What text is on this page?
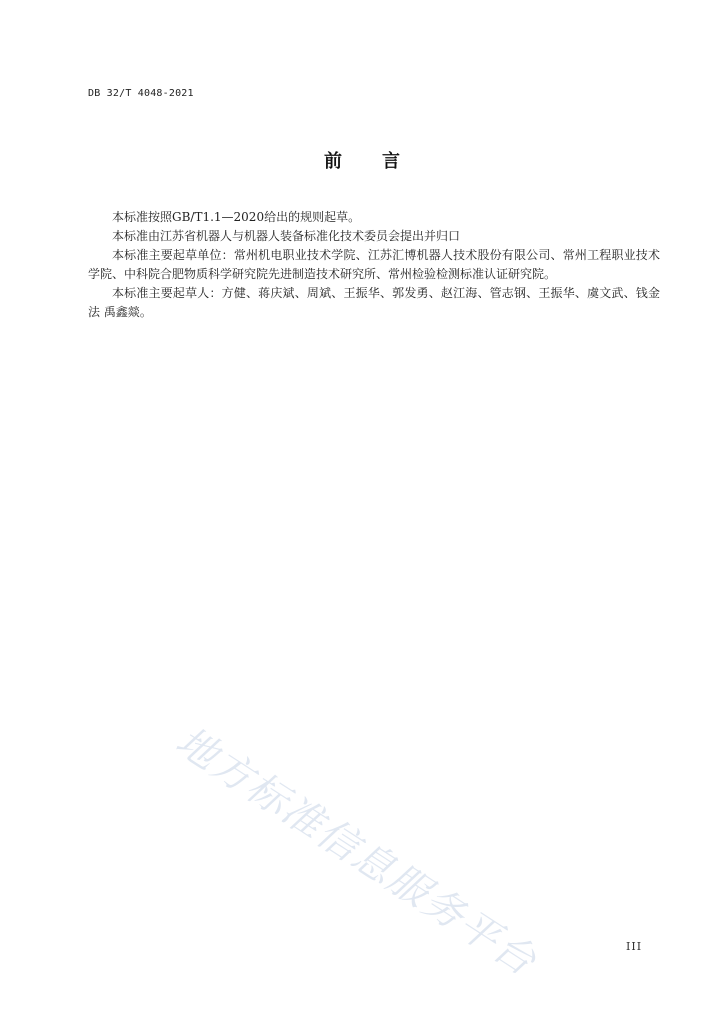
DB 32/T 4048-2021
前 言

本标准按照GB/T1.1—2020给出的规则起草。

本标准由江苏省机器人与机器人装备标准化技术委员会提出并归口

本标准主要起草单位：常州机电职业技术学院、江苏汇博机器人技术股份有限公司、常州工程职业技术学院、中科院合肥物质科学研究院先进制造技术研究所、常州检验检测标准认证研究院。

本标准主要起草人：方健、蒋庆斌、周斌、王振华、郭发勇、赵江海、管志钢、王振华、虞文武、钱金法 禹鑫燚。

地方标准信息服务平台	III
